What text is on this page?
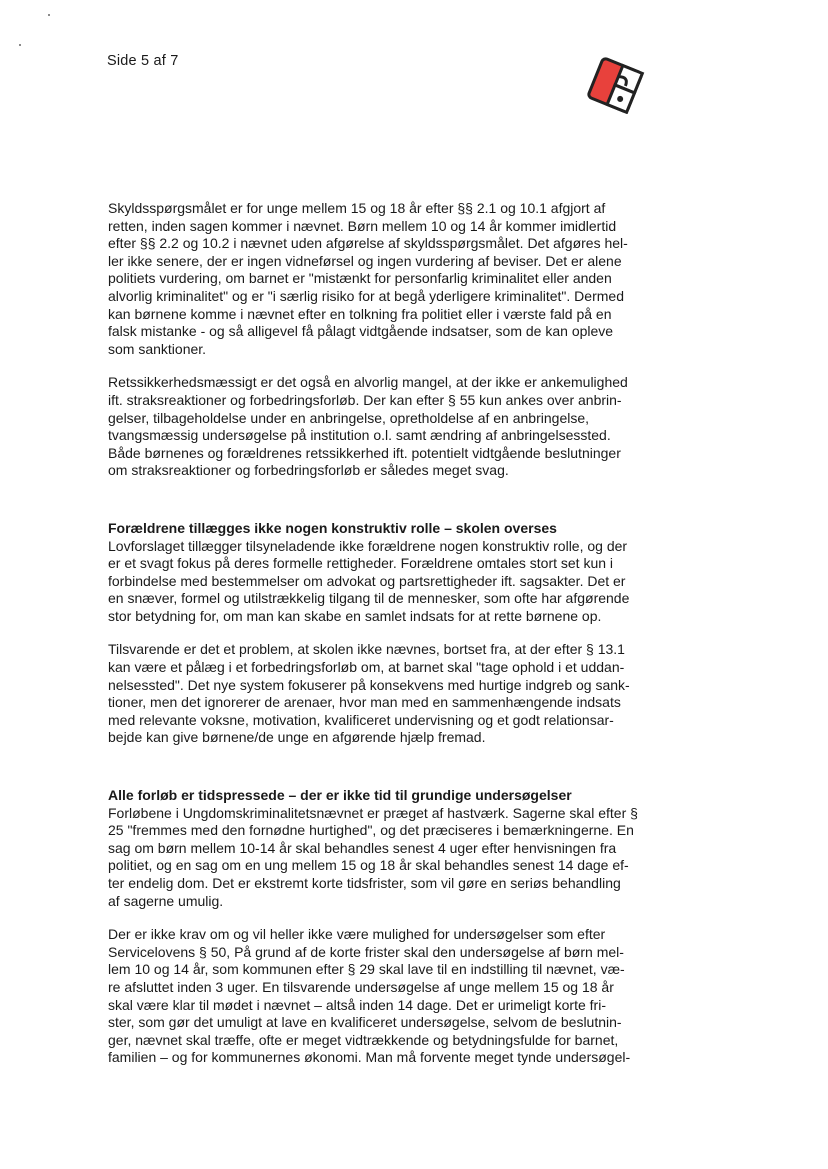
Side 5 af 7

Skyldsspørgsmålet er for unge mellem 15 og 18 år efter §§ 2.1 og 10.1 afgjort af
retten, inden sagen kommer i nævnet. Børn mellem 10 og 14 år kommer imidlertid
efter §§ 2.2 og 10.2 i nævnet uden afgørelse af skyldsspørgsmålet. Det afgøres hel-
ler ikke senere, der er ingen vidneførsel og ingen vurdering af beviser. Det er alene
politiets vurdering, om barnet er "mistænkt for personfarlig kriminalitet eller anden
alvorlig kriminalitet" og er "i særlig risiko for at begå yderligere kriminalitet". Dermed
kan børnene komme i nævnet efter en tolkning fra politiet eller i værste fald på en
falsk mistanke - og så alligevel få pålagt vidtgående indsatser, som de kan opleve
som sanktioner.

Retssikkerhedsmæssigt er det også en alvorlig mangel, at der ikke er ankemulighed
ift. straksreaktioner og forbedringsforløb. Der kan efter § 55 kun ankes over anbrin-
gelser, tilbageholdelse under en anbringelse, opretholdelse af en anbringelse,
tvangsmæssig undersøgelse på institution o.l. samt ændring af anbringelsessted.
Både børnenes og forældrenes retssikkerhed ift. potentielt vidtgående beslutninger
om straksreaktioner og forbedringsforløb er således meget svag.

Forældrene tillægges ikke nogen konstruktiv rolle – skolen overses

Lovforslaget tillægger tilsyneladende ikke forældrene nogen konstruktiv rolle, og der
er et svagt fokus på deres formelle rettigheder. Forældrene omtales stort set kun i
forbindelse med bestemmelser om advokat og partsrettigheder ift. sagsakter. Det er
en snæver, formel og utilstrækkelig tilgang til de mennesker, som ofte har afgørende
stor betydning for, om man kan skabe en samlet indsats for at rette børnene op.

Tilsvarende er det et problem, at skolen ikke nævnes, bortset fra, at der efter § 13.1
kan være et pålæg i et forbedringsforløb om, at barnet skal "tage ophold i et uddan-
nelsessted". Det nye system fokuserer på konsekvens med hurtige indgreb og sank-
tioner, men det ignorerer de arenaer, hvor man med en sammenhængende indsats
med relevante voksne, motivation, kvalificeret undervisning og et godt relationsar-
bejde kan give børnene/de unge en afgørende hjælp fremad.

Alle forløb er tidspressede – der er ikke tid til grundige undersøgelser

Forløbene i Ungdomskriminalitetsnævnet er præget af hastværk. Sagerne skal efter §
25 "fremmes med den fornødne hurtighed", og det præciseres i bemærkningerne. En
sag om børn mellem 10-14 år skal behandles senest 4 uger efter henvisningen fra
politiet, og en sag om en ung mellem 15 og 18 år skal behandles senest 14 dage ef-
ter endelig dom. Det er ekstremt korte tidsfrister, som vil gøre en seriøs behandling
af sagerne umulig.

Der er ikke krav om og vil heller ikke være mulighed for undersøgelser som efter
Servicelovens § 50, På grund af de korte frister skal den undersøgelse af børn mel-
lem 10 og 14 år, som kommunen efter § 29 skal lave til en indstilling til nævnet, væ-
re afsluttet inden 3 uger. En tilsvarende undersøgelse af unge mellem 15 og 18 år
skal være klar til mødet i nævnet – altså inden 14 dage. Det er urimeligt korte fri-
ster, som gør det umuligt at lave en kvalificeret undersøgelse, selvom de beslutnin-
ger, nævnet skal træffe, ofte er meget vidtrækkende og betydningsfulde for barnet,
familien – og for kommunernes økonomi. Man må forvente meget tynde undersøgel-
